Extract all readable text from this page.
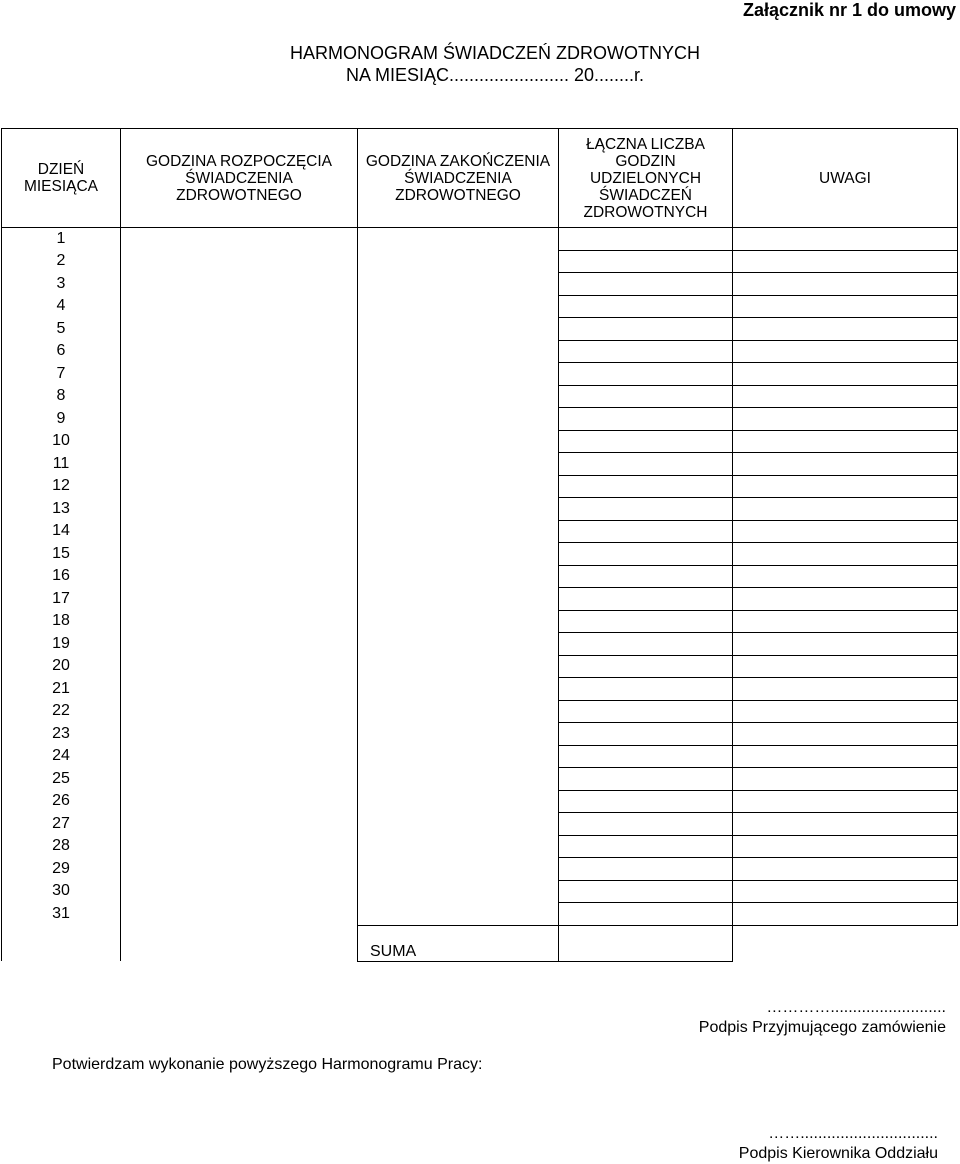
Załącznik nr 1 do umowy
HARMONOGRAM ŚWIADCZEŃ ZDROWOTNYCH
NA MIESIĄC........................ 20........r.
DZIEŃ MIESIĄCA	GODZINA ROZPOCZĘCIA ŚWIADCZENIA ZDROWOTNEGO	GODZINA ZAKOŃCZENIA ŚWIADCZENIA ZDROWOTNEGO	ŁĄCZNA LICZBA GODZIN UDZIELONYCH ŚWIADCZEŃ ZDROWOTNYCH	UWAGI
1				
2				
3				
4				
5				
6				
7				
8				
9				
10				
11				
12				
13				
14				
15				
16				
17				
18				
19				
20				
21				
22				
23				
24				
25				
26				
27				
28				
29				
30				
31				
		SUMA		
…………..........................
Podpis Przyjmującego zamówienie
Potwierdzam wykonanie powyższego Harmonogramu Pracy:
……...............................
Podpis Kierownika Oddziału
